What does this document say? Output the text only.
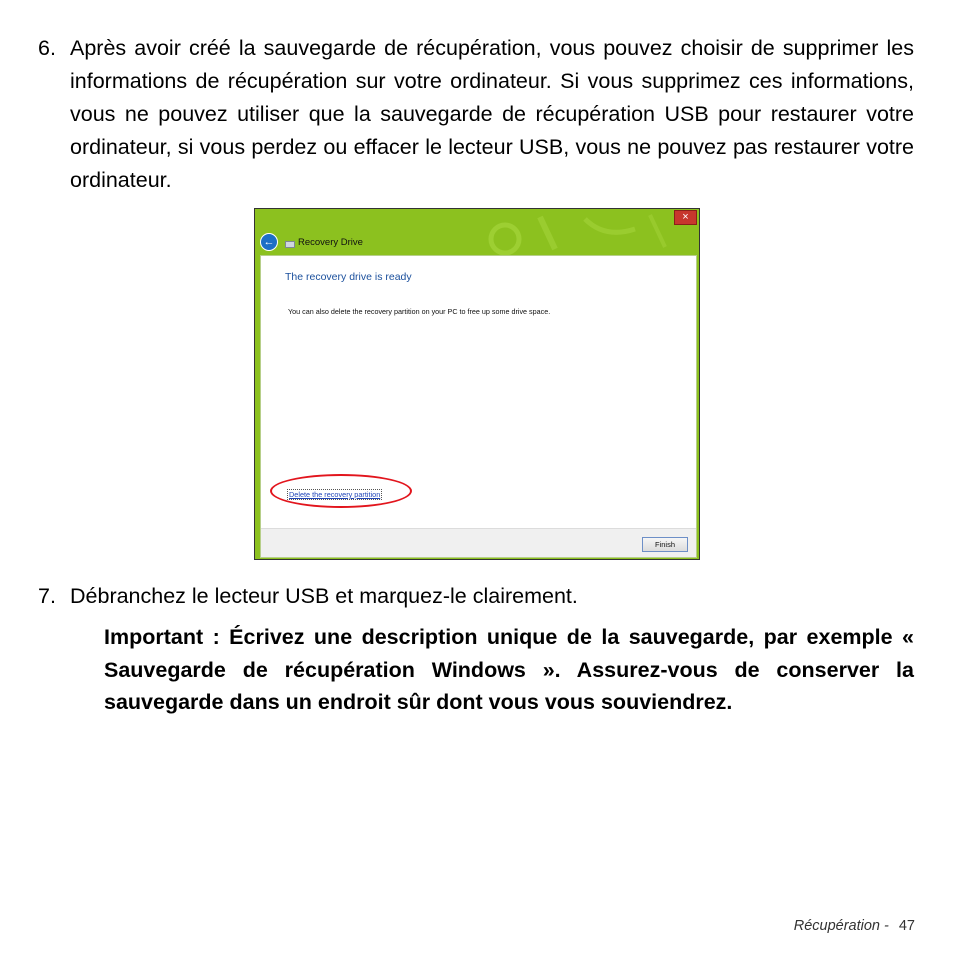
6. Après avoir créé la sauvegarde de récupération, vous pouvez choisir de supprimer les informations de récupération sur votre ordinateur. Si vous supprimez ces informations, vous ne pouvez utiliser que la sauvegarde de récupération USB pour restaurer votre ordinateur, si vous perdez ou effacer le lecteur USB, vous ne pouvez pas restaurer votre ordinateur.
×
←	Recovery Drive
The recovery drive is ready
You can also delete the recovery partition on your PC to free up some drive space.
Delete the recovery partition
Finish
7. Débranchez le lecteur USB et marquez-le clairement.
Important : Écrivez une description unique de la sauvegarde, par exemple « Sauvegarde de récupération Windows ». Assurez-vous de conserver la sauvegarde dans un endroit sûr dont vous vous souviendrez.
Récupération - 47
